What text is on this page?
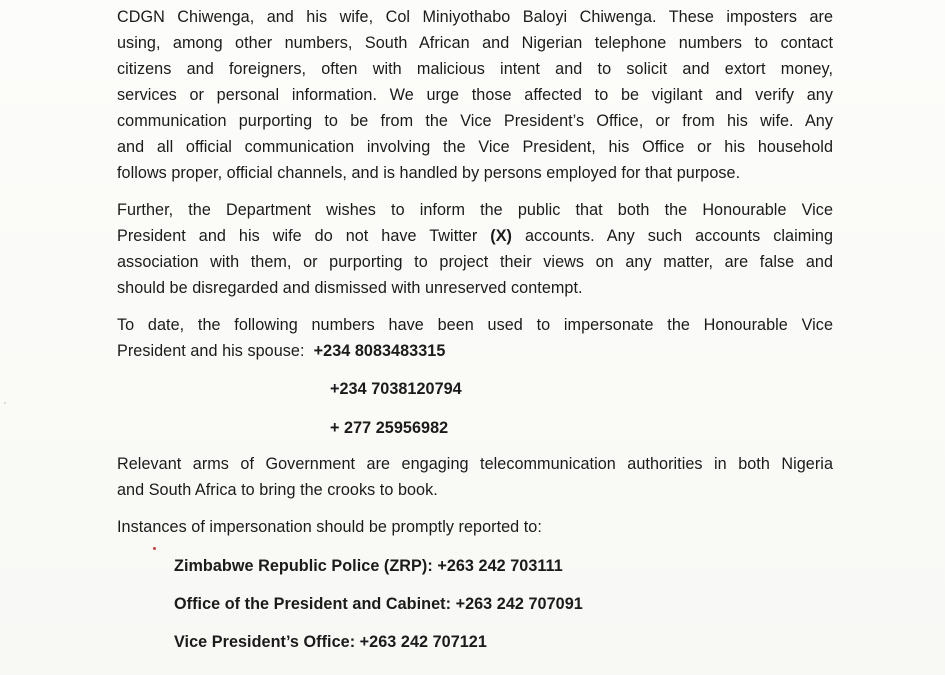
CDGN Chiwenga, and his wife, Col Miniyothabo Baloyi Chiwenga. These imposters are
using, among other numbers, South African and Nigerian telephone numbers to contact
citizens and foreigners, often with malicious intent and to solicit and extort money,
services or personal information. We urge those affected to be vigilant and verify any
communication purporting to be from the Vice President’s Office, or from his wife. Any
and all official communication involving the Vice President, his Office or his household
follows proper, official channels, and is handled by persons employed for that purpose.
Further, the Department wishes to inform the public that both the Honourable Vice
President and his wife do not have Twitter (X) accounts. Any such accounts claiming
association with them, or purporting to project their views on any matter, are false and
should be disregarded and dismissed with unreserved contempt.
To date, the following numbers have been used to impersonate the Honourable Vice
President and his spouse: +234 8083483315
+234 7038120794
+ 277 25956982
Relevant arms of Government are engaging telecommunication authorities in both Nigeria
and South Africa to bring the crooks to book.
Instances of impersonation should be promptly reported to:
Zimbabwe Republic Police (ZRP): +263 242 703111
Office of the President and Cabinet: +263 242 707091
Vice President’s Office: +263 242 707121
